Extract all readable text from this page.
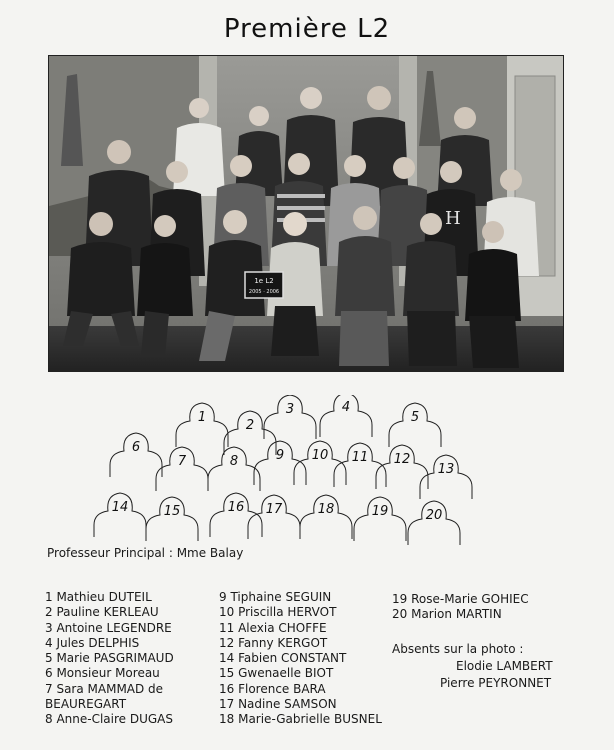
Première L2
H
1e L2
2005 · 2006
1
2
3	4
5
6
7	8	9 10 11 12
13
14	15	16 17	18	19	20
Professeur Principal : Mme Balay
1 Mathieu DUTEIL
2 Pauline KERLEAU
3 Antoine LEGENDRE
4 Jules DELPHIS
5 Marie PASGRIMAUD
6 Monsieur Moreau
7 Sara MAMMAD de
BEAUREGART
8 Anne-Claire DUGAS
9 Tiphaine SEGUIN
10 Priscilla HERVOT
11 Alexia CHOFFE
12 Fanny KERGOT
14 Fabien CONSTANT
15 Gwenaelle BIOT
16 Florence BARA
17 Nadine SAMSON
18 Marie-Gabrielle BUSNEL
19 Rose-Marie GOHIEC
20 Marion MARTIN
Absents sur la photo :
Elodie LAMBERT
Pierre PEYRONNET
